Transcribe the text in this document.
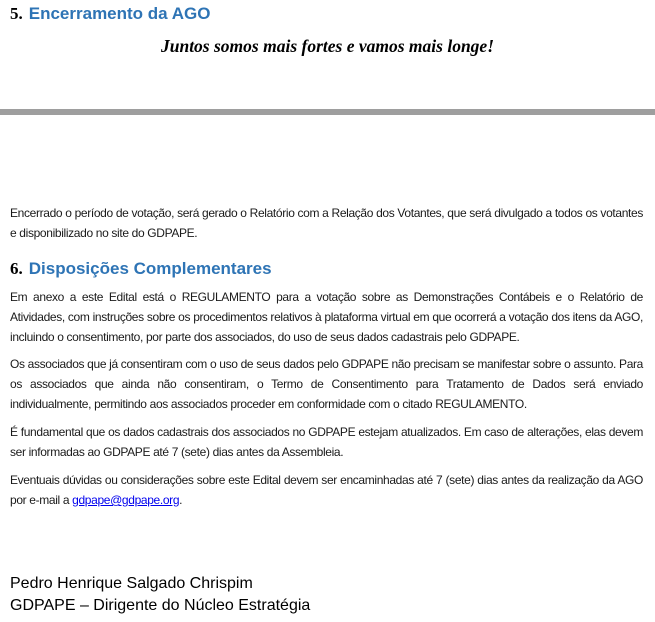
5. Encerramento da AGO
Juntos somos mais fortes e vamos mais longe!

Encerrado o período de votação, será gerado o Relatório com a Relação dos Votantes, que será divulgado a todos os votantes e disponibilizado no site do GDPAPE.

6. Disposições Complementares

Em anexo a este Edital está o REGULAMENTO para a votação sobre as Demonstrações Contábeis e o Relatório de Atividades, com instruções sobre os procedimentos relativos à plataforma virtual em que ocorrerá a votação dos itens da AGO, incluindo o consentimento, por parte dos associados, do uso de seus dados cadastrais pelo GDPAPE.

Os associados que já consentiram com o uso de seus dados pelo GDPAPE não precisam se manifestar sobre o assunto. Para os associados que ainda não consentiram, o Termo de Consentimento para Tratamento de Dados será enviado individualmente, permitindo aos associados proceder em conformidade com o citado REGULAMENTO.

É fundamental que os dados cadastrais dos associados no GDPAPE estejam atualizados. Em caso de alterações, elas devem ser informadas ao GDPAPE até 7 (sete) dias antes da Assembleia.

Eventuais dúvidas ou considerações sobre este Edital devem ser encaminhadas até 7 (sete) dias antes da realização da AGO por e-mail a gdpape@gdpape.org.

Pedro Henrique Salgado Chrispim
GDPAPE – Dirigente do Núcleo Estratégia
